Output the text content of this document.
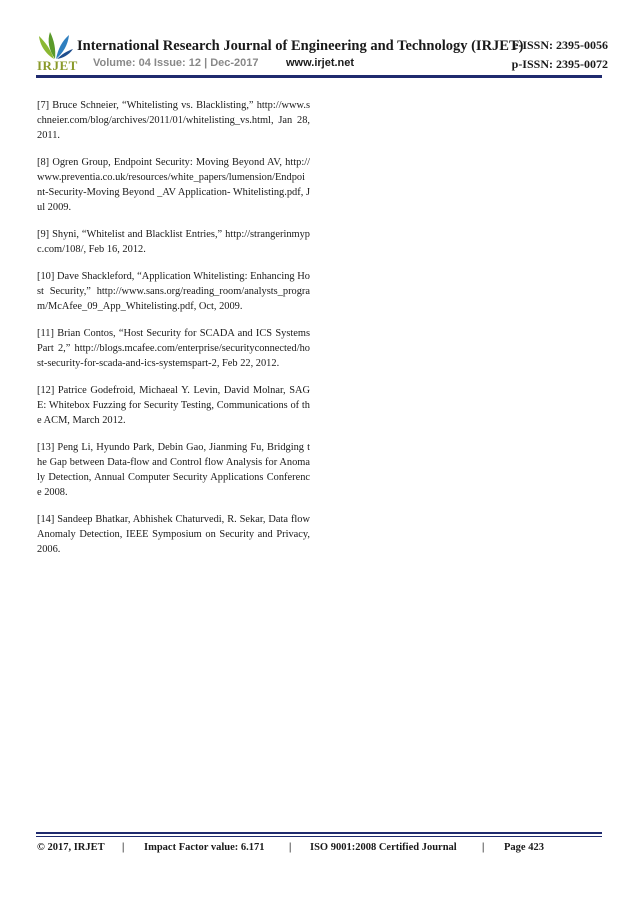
IRJET
International Research Journal of Engineering and Technology (IRJET)
e-ISSN: 2395-0056
Volume: 04 Issue: 12 | Dec-2017 www.irjet.net	p-ISSN: 2395-0072

[7] Bruce Schneier, “Whitelisting vs. Blacklisting,” http://www.schneier.com/blog/archives/2011/01/whitelisting_vs.html, Jan 28, 2011.

[8] Ogren Group, Endpoint Security: Moving Beyond AV, http://www.preventia.co.uk/resources/white_papers/lumension/Endpoint-Security-Moving Beyond _AV Application- Whitelisting.pdf, Jul 2009.

[9] Shyni, “Whitelist and Blacklist Entries,” http://strangerinmypc.com/108/, Feb 16, 2012.

[10] Dave Shackleford, “Application Whitelisting: Enhancing Host Security,” http://www.sans.org/reading_room/analysts_program/McAfee_09_App_Whitelisting.pdf, Oct, 2009.

[11] Brian Contos, “Host Security for SCADA and ICS Systems Part 2,” http://blogs.mcafee.com/enterprise/securityconnected/host-security-for-scada-and-ics-systemspart-2, Feb 22, 2012.

[12] Patrice Godefroid, Michaeal Y. Levin, David Molnar, SAGE: Whitebox Fuzzing for Security Testing, Communications of the ACM, March 2012.

[13] Peng Li, Hyundo Park, Debin Gao, Jianming Fu, Bridging the Gap between Data-flow and Control flow Analysis for Anomaly Detection, Annual Computer Security Applications Conference 2008.

[14] Sandeep Bhatkar, Abhishek Chaturvedi, R. Sekar, Data flow Anomaly Detection, IEEE Symposium on Security and Privacy, 2006.

© 2017, IRJET | Impact Factor value: 6.171 | ISO 9001:2008 Certified Journal | Page 423
